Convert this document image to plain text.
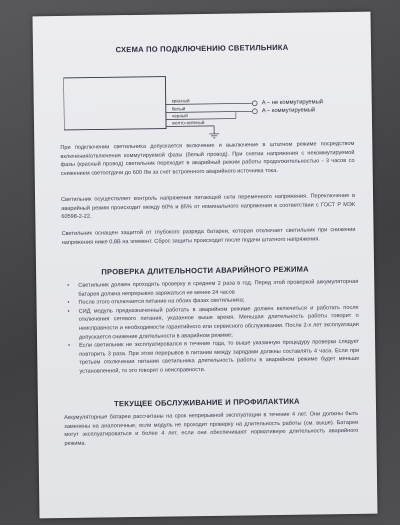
СХЕМА ПО ПОДКЛЮЧЕНИЮ СВЕТИЛЬНИКА
красный
белый
черный
желто-зеленый
A – не коммутируемый
A – коммутируемый
При подключении светильника допускается включение и выключение в штатном режиме посредством включения/отключения коммутируемой фазы (белый провод). При снятии напряжения с некоммутируемой фазы (красный провод) светильник переходит в аварийный режим работы продолжительностью - 3 часов со снижением светоотдачи до 600 Лм за счет встроенного аварийного источника тока.
Светильник осуществляет контроль напряжения питающей сети переменного напряжения. Переключение в аварийный режим происходит между 60% и 85% от номинального напряжения в соответствии с ГОСТ Р МЭК 60598-2-22.
Светильник оснащен защитой от глубокого разряда батареи, которая отключает светильник при снижении напряжения ниже 0,8В на элемент. Сброс защиты происходит после подачи штатного напряжения.
ПРОВЕРКА ДЛИТЕЛЬНОСТИ АВАРИЙНОГО РЕЖИМА
• Светильник должен проходить проверку в среднем 2 раза в год. Перед этой проверкой аккумуляторная батарея должна непрерывно заряжаться не менее 24 часов
• После этого отключается питание на обоих фазах светильника;
• СИД модуль предназначенный работать в аварийном режиме должен включиться и работать после отключения сетевого питания, указанное выше время. Меньшая длительность работы говорит о неисправности и необходимости гарантийного или сервисного обслуживания. После 2-х лет эксплуатации допускается снижение длительности в аварийном режиме;
• Если светильник не эксплуатировался в течение года, то выше указанную процедуру проверки следует повторить 3 раза. При этом перерывов в питании между зарядами должны составлять 4 часа. Если при третьем отключении питания светильника длительность работы в аварийном режиме будет меньше установленной, то это говорит о неисправности.
ТЕКУЩЕЕ ОБСЛУЖИВАНИЕ И ПРОФИЛАКТИКА
Аккумуляторные батареи рассчитаны на срок непрерывной эксплуатации в течение 4 лет. Они должны быть заменены на аналогичные, если модуль не проходит проверку на длительность работы (см. выше). Батареи могут эксплуатироваться и более 4 лет, если они обеспечивают нормативную длительность аварийного режима.
